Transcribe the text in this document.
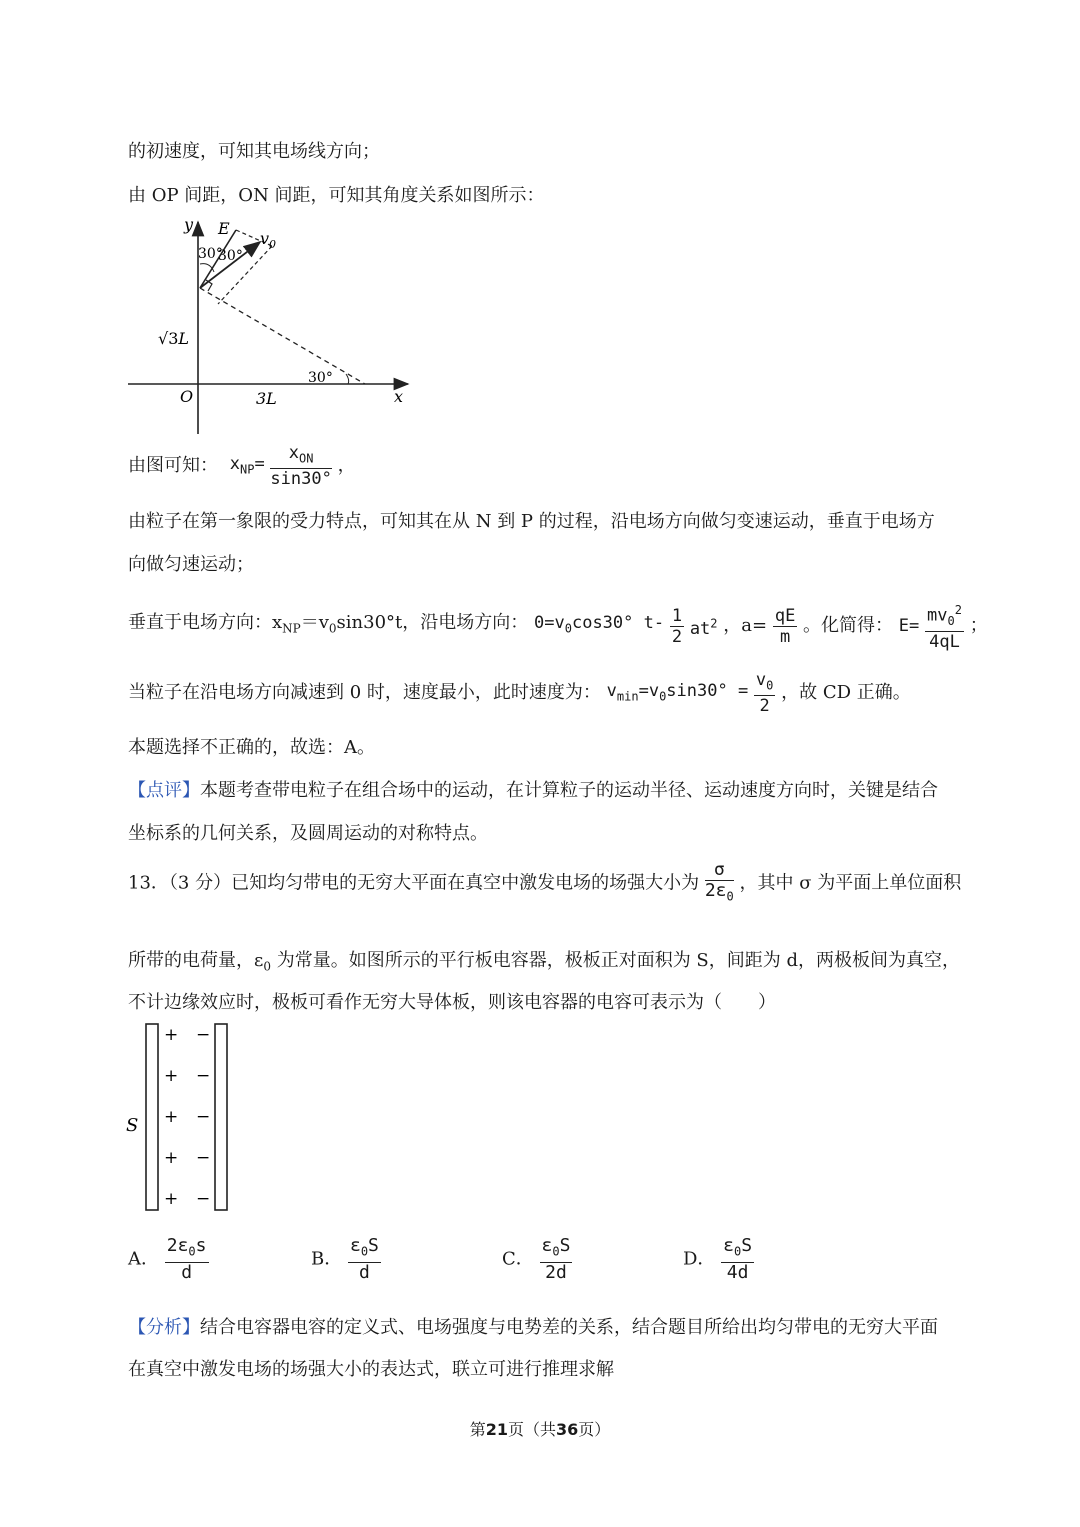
的初速度，可知其电场线方向；
由 OP 间距，ON 间距，可知其角度关系如图所示：
y
x
O
E
$v_0$
30°
30°
√3L
3L
30°
由图可知： $x_{NP}= \frac{x_{ON}}{\sin 30^\circ}$ ，
由粒子在第一象限的受力特点，可知其在从 N 到 P 的过程，沿电场方向做匀变速运动，垂直于电场方
向做匀速运动；
垂直于电场方向：$x_{NP}=v_0\sin 30^\circ t$，沿电场方向： $0=v_0\cos 30^\circ$ $t- \frac{1}{2} at^2$ ，$a= \frac{qE}{m}$ 。化简得： $E= \frac{mv_0^2}{4qL}$ ；
当粒子在沿电场方向减速到 0 时，速度最小，此时速度为： $v_{min}=v_0\sin 30^\circ = \frac{v_0}{2}$ ，故 CD 正确。
本题选择不正确的，故选：A。
【点评】本题考查带电粒子在组合场中的运动，在计算粒子的运动半径、运动速度方向时，关键是结合
坐标系的几何关系，及圆周运动的对称特点。
13．（3 分）已知均匀带电的无穷大平面在真空中激发电场的场强大小为 $\frac{\sigma}{2\varepsilon_0}$ ，其中 σ 为平面上单位面积
所带的电荷量，$\varepsilon_0$ 为常量。如图所示的平行板电容器，极板正对面积为 S，间距为 d，两极板间为真空，
不计边缘效应时，极板可看作无穷大导体板，则该电容器的电容可表示为（　　）
S
+ −
+ −
+ −
+ −
+ −
A． $\frac{2\varepsilon_0s}{d}$	B． $\frac{\varepsilon_0S}{d}$	C． $\frac{\varepsilon_0S}{2d}$	D． $\frac{\varepsilon_0S}{4d}$
【分析】结合电容器电容的定义式、电场强度与电势差的关系，结合题目所给出均匀带电的无穷大平面
在真空中激发电场的场强大小的表达式，联立可进行推理求解
第21页（共36页）
